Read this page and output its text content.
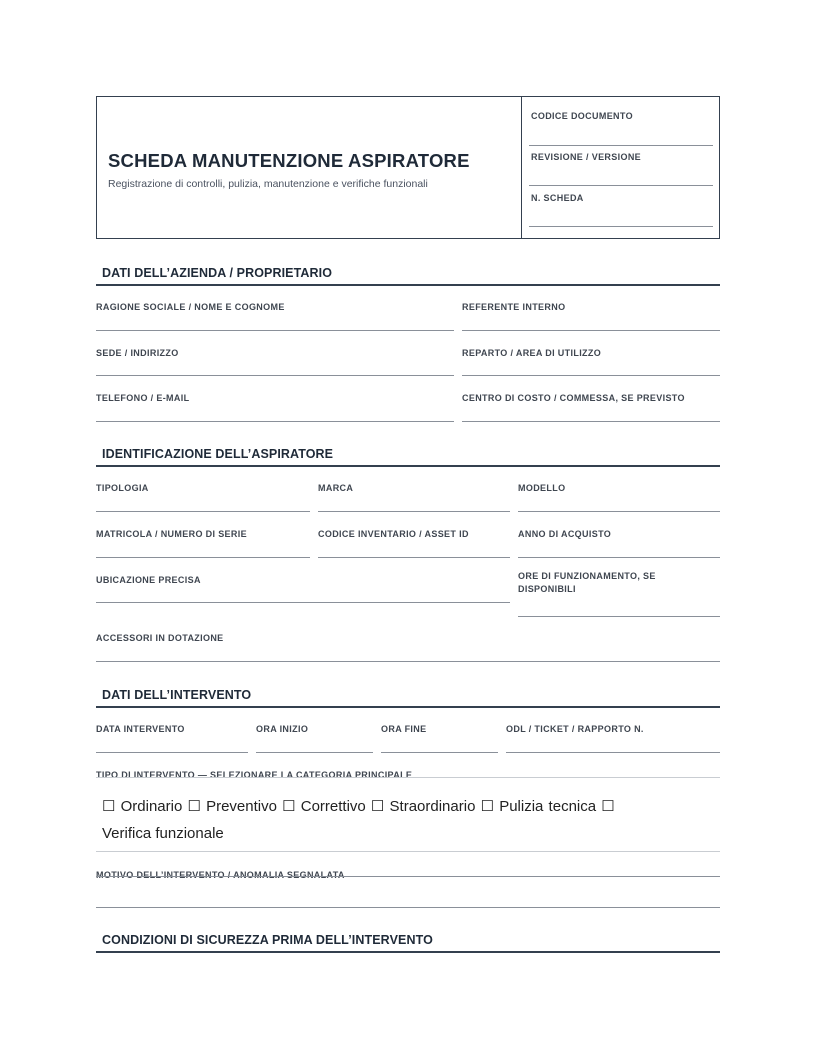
SCHEDA MANUTENZIONE ASPIRATORE
Registrazione di controlli, pulizia, manutenzione e verifiche funzionali
CODICE DOCUMENTO
REVISIONE / VERSIONE
N. SCHEDA
DATI DELL’AZIENDA / PROPRIETARIO
RAGIONE SOCIALE / NOME E COGNOME	REFERENTE INTERNO
SEDE / INDIRIZZO	REPARTO / AREA DI UTILIZZO
TELEFONO / E-MAIL	CENTRO DI COSTO / COMMESSA, SE PREVISTO
IDENTIFICAZIONE DELL’ASPIRATORE
TIPOLOGIA	MARCA	MODELLO
MATRICOLA / NUMERO DI SERIE	CODICE INVENTARIO / ASSET ID	ANNO DI ACQUISTO
UBICAZIONE PRECISA	ORE DI FUNZIONAMENTO, SE
DISPONIBILI
ACCESSORI IN DOTAZIONE
DATI DELL’INTERVENTO
DATA INTERVENTO	ORA INIZIO	ORA FINE	ODL / TICKET / RAPPORTO N.
TIPO DI INTERVENTO — SELEZIONARE LA CATEGORIA PRINCIPALE
☐ Ordinario ☐ Preventivo ☐ Correttivo ☐ Straordinario ☐ Pulizia tecnica ☐
Verifica funzionale
MOTIVO DELL’INTERVENTO / ANOMALIA SEGNALATA
CONDIZIONI DI SICUREZZA PRIMA DELL’INTERVENTO
